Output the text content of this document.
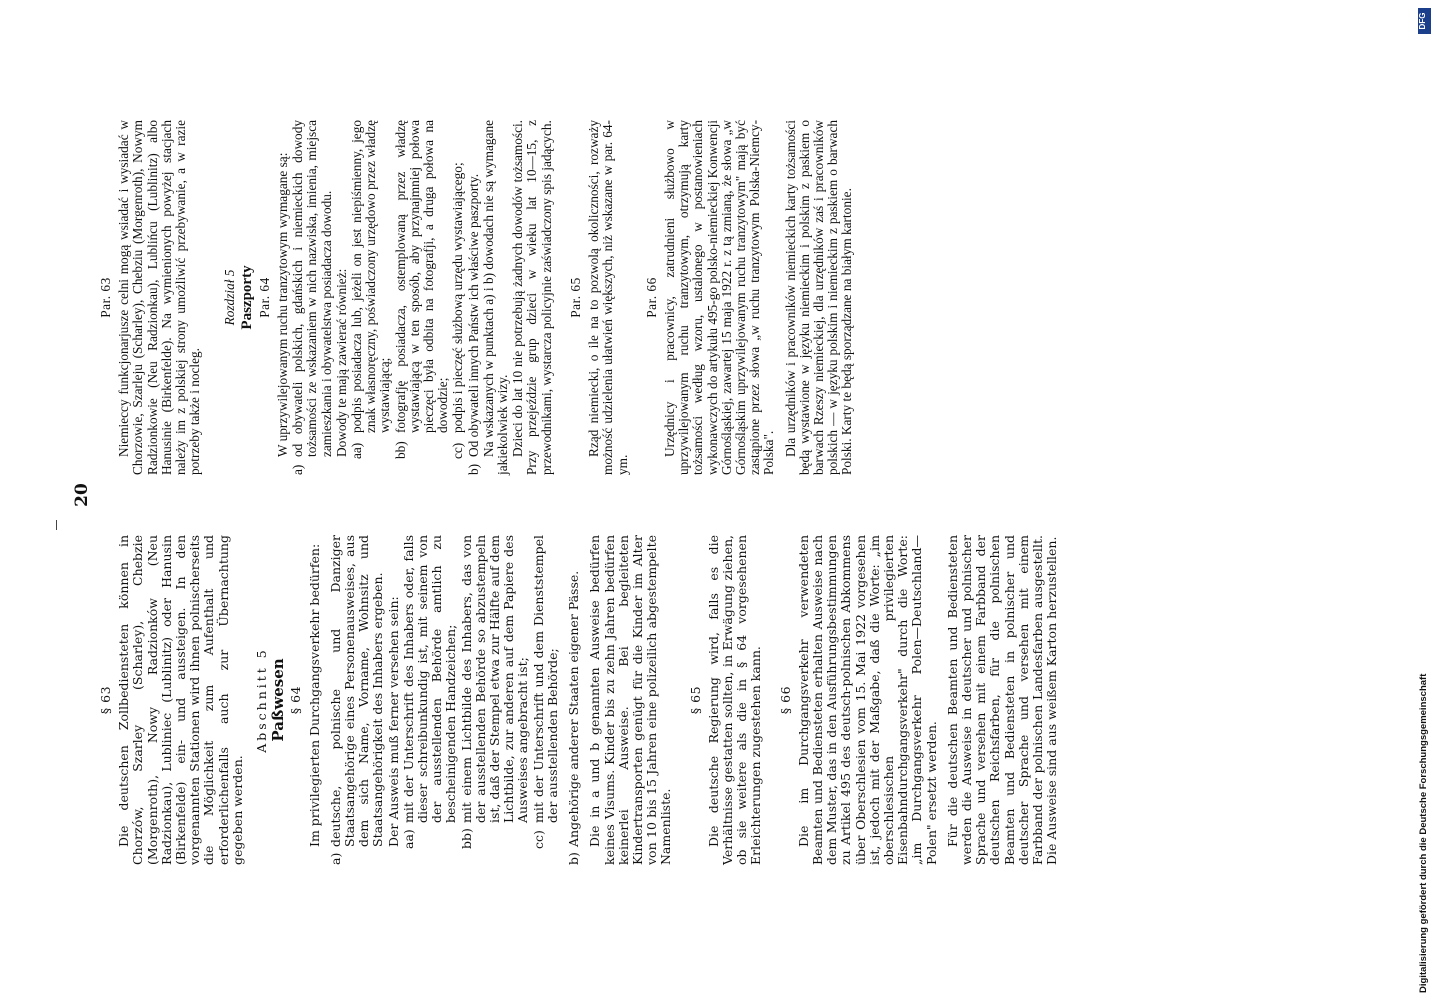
20
§ 63 Die deutschen Zollbediensteten können in Chorzów, Szarley (Scharley), Chebzie (Morgenroth), Nowy Radzionków (Neu Radzionkau), Lubliniec (Lublinitz) oder Hanusin (Birkenfelde) ein- und aussteigen. In den vorgenannten Stationen wird ihnen polnischerseits die Möglichkeit zum Aufenthalt und erforderlichenfalls auch zur Übernachtung gegeben werden.
Abschnitt 5 Paßwesen § 64 Im privilegierten Durchgangsverkehr bedürfen:
a)
deutsche, polnische und Danziger Staatsangehörige eines Personenausweises, aus dem sich Name, Vorname, Wohnsitz und Staatsangehörigkeit des Inhabers ergeben. Der Ausweis muß ferner versehen sein: aa)
mit der Unterschrift des Inhabers oder, falls dieser schreibunkundig ist, mit seinem von der ausstellenden Behörde amtlich zu bescheinigenden Handzeichen;
bb)
mit einem Lichtbilde des Inhabers, das von der ausstellenden Behörde so abzustempeln ist, daß der Stempel etwa zur Hälfte auf dem Lichtbilde, zur anderen auf dem Papiere des Ausweises angebracht ist;
cc)
mit der Unterschrift und dem Dienststempel der ausstellenden Behörde;
b)
Angehörige anderer Staaten eigener Pässe. Die in a und b genannten Ausweise bedürfen keines Visums. Kinder bis zu zehn Jahren bedürfen keinerlei Ausweise. Bei begleiteten Kindertransporten genügt für die Kinder im Alter von 10 bis 15 Jahren eine polizeilich abgestempelte Namenliste.
§ 65 Die deutsche Regierung wird, falls es die Verhältnisse gestatten sollten, in Erwägung ziehen, ob sie weitere als die in § 64 vorgesehenen Erleichterungen zugestehen kann. § 66 Die im Durchgangsverkehr verwendeten Beamten und Bediensteten erhalten Ausweise nach dem Muster, das in den Ausführungsbestimmungen zu Artikel 495 des deutsch-polnischen Abkommens über Oberschlesien vom 15. Mai 1922 vorgesehen ist, jedoch mit der Maßgabe, daß die Worte: „im oberschlesischen privilegierten Eisenbahndurchgangsverkehr" durch die Worte: „im Durchgangsverkehr Polen—Deutschland—Polen" ersetzt werden. Für die deutschen Beamten und Bediensteten werden die Ausweise in deutscher und polnischer Sprache und versehen mit einem Farbband der deutschen Reichsfarben, für die polnischen Beamten und Bediensteten in polnischer und deutscher Sprache und versehen mit einem Farbband der polnischen Landesfarben ausgestellt. Die Ausweise sind aus weißem Karton herzustellen.
Par. 63 Niemieccy funkcjonarjusze celni mogą wsiadać i wysiadać w Chorzowie, Szarleju (Scharley), Chebziu (Morgenroth), Nowym Radzionkowie (Neu Radzionkau), Lublińcu (Lublinitz) albo Hanusinie (Birkenfelde). Na wymienionych powyżej stacjach należy im z polskiej strony umożliwić przebywanie, a w razie potrzeby także i nocleg.
Rozdział 5 Paszporty Par. 64 W uprzywilejowanym ruchu tranzytowym wymagane są:
a)
od obywateli polskich, gdańskich i niemieckich dowody tożsamości ze wskazaniem w nich nazwiska, imienia, miejsca zamieszkania i obywatelstwa posiadacza dowodu. Dowody te mają zawierać również: aa)
podpis posiadacza lub, jeżeli on jest niepiśmienny, jego znak własnoręczny, poświadczony urzędowo przez władzę wystawiającą;
bb)
fotografję posiadacza, ostemplowaną przez władzę wystawiającą w ten sposób, aby przynajmniej połowa pieczęci była odbita na fotografji, a druga połowa na dowodzie;
cc)
podpis i pieczęć służbową urzędu wystawiającego;
b)
Od obywateli innych Państw ich właściwe paszporty. Na wskazanych w punktach a) i b) dowodach nie są wymagane jakiekolwiek wizy. Dzieci do lat 10 nie potrzebują żadnych dowodów tożsamości. Przy przejeździe grup dzieci w wieku lat 10—15, z przewodnikami, wystarcza policyjnie zaświadczony spis jadących. Par. 65 Rząd niemiecki, o ile na to pozwolą okoliczności, rozważy możność udzielenia ułatwień większych, niż wskazane w par. 64-ym.
Par. 66 Urzędnicy i pracownicy, zatrudnieni służbowo w uprzywilejowanym ruchu tranzytowym, otrzymują karty tożsamości według wzoru, ustalonego w postanowieniach wykonawczych do artykułu 495-go polsko-niemieckiej Konwencji Górnośląskiej, zawartej 15 maja 1922 r. z tą zmianą, że słowa „w Górnośląskim uprzywilejowanym ruchu tranzytowym" mają być zastąpione przez słowa „w ruchu tranzytowym Polska-Niemcy-Polska". Dla urzędników i pracowników niemieckich karty tożsamości będą wystawione w języku niemieckim i polskim z paskiem o barwach Rzeszy niemieckiej, dla urzędników zaś i pracowników polskich — w języku polskim i niemieckim z paskiem o barwach Polski. Karty te będą sporządzane na białym kartonie.
DFG
Digitalisierung gefördert durch die Deutsche Forschungsgemeinschaft
